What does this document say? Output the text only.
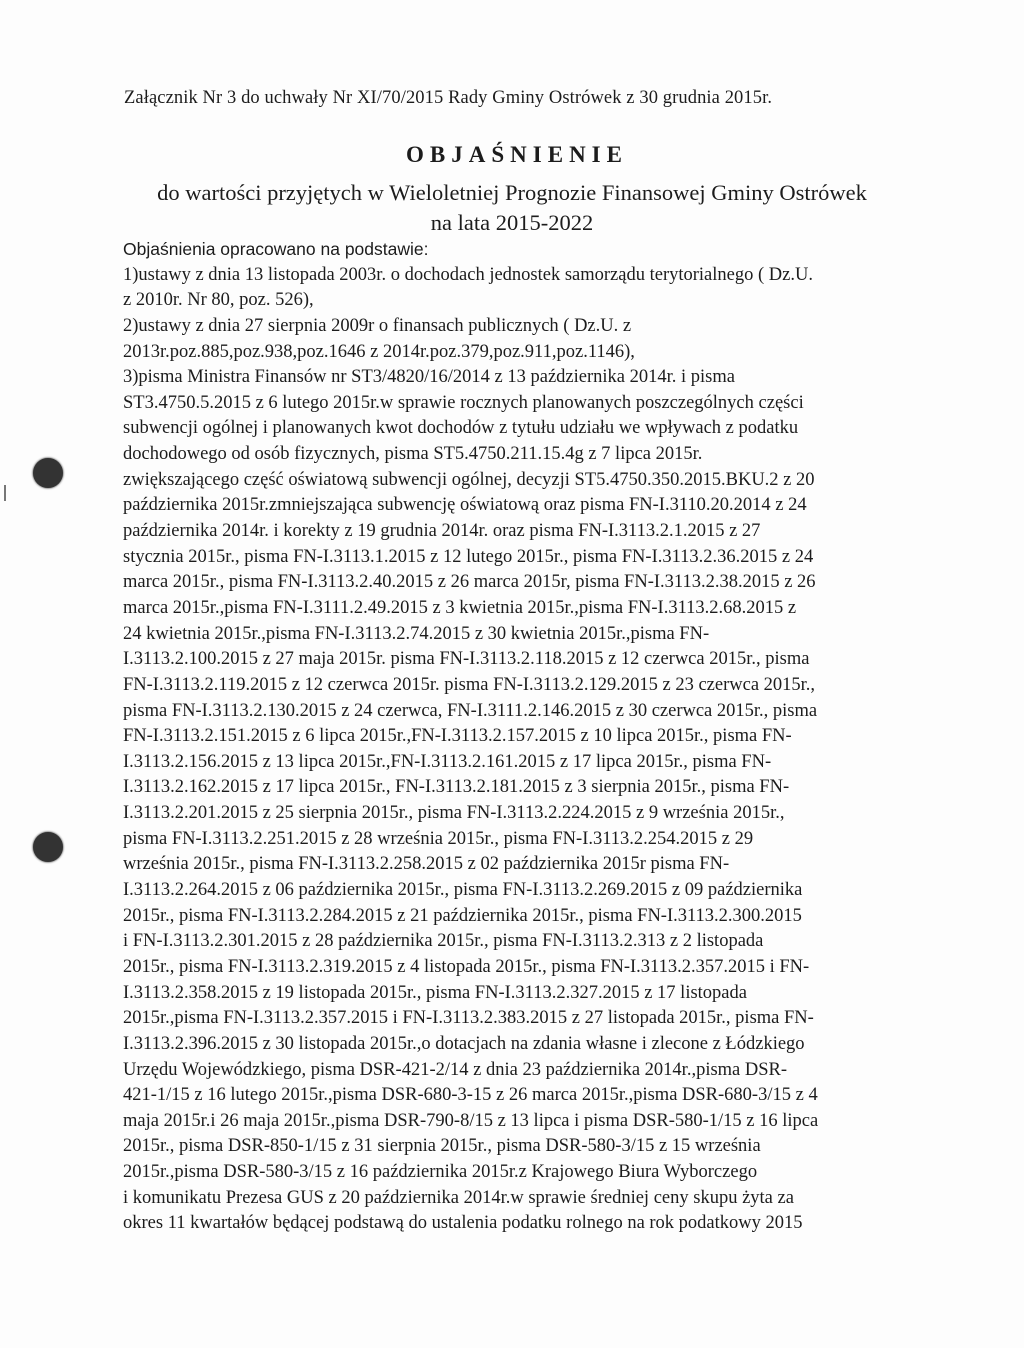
Załącznik Nr 3 do uchwały Nr XI/70/2015 Rady Gminy Ostrówek z 30 grudnia 2015r.
OBJAŚNIENIE
do wartości przyjętych w Wieloletniej Prognozie Finansowej Gminy Ostrówek
na lata 2015-2022
Objaśnienia opracowano na podstawie:
1)ustawy z dnia 13 listopada 2003r. o dochodach jednostek samorządu terytorialnego ( Dz.U.
z 2010r. Nr 80, poz. 526),
2)ustawy z dnia 27 sierpnia 2009r o finansach publicznych ( Dz.U. z
2013r.poz.885,poz.938,poz.1646 z 2014r.poz.379,poz.911,poz.1146),
3)pisma Ministra Finansów nr ST3/4820/16/2014 z 13 października 2014r. i pisma
ST3.4750.5.2015 z 6 lutego 2015r.w sprawie rocznych planowanych poszczególnych części
subwencji ogólnej i planowanych kwot dochodów z tytułu udziału we wpływach z podatku
dochodowego od osób fizycznych, pisma ST5.4750.211.15.4g z 7 lipca 2015r.
zwiększającego część oświatową subwencji ogólnej, decyzji ST5.4750.350.2015.BKU.2 z 20
października 2015r.zmniejszająca subwencję oświatową oraz pisma FN-I.3110.20.2014 z 24
października 2014r. i korekty z 19 grudnia 2014r. oraz pisma FN-I.3113.2.1.2015 z 27
stycznia 2015r., pisma FN-I.3113.1.2015 z 12 lutego 2015r., pisma FN-I.3113.2.36.2015 z 24
marca 2015r., pisma FN-I.3113.2.40.2015 z 26 marca 2015r, pisma FN-I.3113.2.38.2015 z 26
marca 2015r.,pisma FN-I.3111.2.49.2015 z 3 kwietnia 2015r.,pisma FN-I.3113.2.68.2015 z
24 kwietnia 2015r.,pisma FN-I.3113.2.74.2015 z 30 kwietnia 2015r.,pisma FN-
I.3113.2.100.2015 z 27 maja 2015r. pisma FN-I.3113.2.118.2015 z 12 czerwca 2015r., pisma
FN-I.3113.2.119.2015 z 12 czerwca 2015r. pisma FN-I.3113.2.129.2015 z 23 czerwca 2015r.,
pisma FN-I.3113.2.130.2015 z 24 czerwca, FN-I.3111.2.146.2015 z 30 czerwca 2015r., pisma
FN-I.3113.2.151.2015 z 6 lipca 2015r.,FN-I.3113.2.157.2015 z 10 lipca 2015r., pisma FN-
I.3113.2.156.2015 z 13 lipca 2015r.,FN-I.3113.2.161.2015 z 17 lipca 2015r., pisma FN-
I.3113.2.162.2015 z 17 lipca 2015r., FN-I.3113.2.181.2015 z 3 sierpnia 2015r., pisma FN-
I.3113.2.201.2015 z 25 sierpnia 2015r., pisma FN-I.3113.2.224.2015 z 9 września 2015r.,
pisma FN-I.3113.2.251.2015 z 28 września 2015r., pisma FN-I.3113.2.254.2015 z 29
września 2015r., pisma FN-I.3113.2.258.2015 z 02 października 2015r pisma FN-
I.3113.2.264.2015 z 06 października 2015r., pisma FN-I.3113.2.269.2015 z 09 października
2015r., pisma FN-I.3113.2.284.2015 z 21 października 2015r., pisma FN-I.3113.2.300.2015
i FN-I.3113.2.301.2015 z 28 października 2015r., pisma FN-I.3113.2.313 z 2 listopada
2015r., pisma FN-I.3113.2.319.2015 z 4 listopada 2015r., pisma FN-I.3113.2.357.2015 i FN-
I.3113.2.358.2015 z 19 listopada 2015r., pisma FN-I.3113.2.327.2015 z 17 listopada
2015r.,pisma FN-I.3113.2.357.2015 i FN-I.3113.2.383.2015 z 27 listopada 2015r., pisma FN-
I.3113.2.396.2015 z 30 listopada 2015r.,o dotacjach na zdania własne i zlecone z Łódzkiego
Urzędu Wojewódzkiego, pisma DSR-421-2/14 z dnia 23 października 2014r.,pisma DSR-
421-1/15 z 16 lutego 2015r.,pisma DSR-680-3-15 z 26 marca 2015r.,pisma DSR-680-3/15 z 4
maja 2015r.i 26 maja 2015r.,pisma DSR-790-8/15 z 13 lipca i pisma DSR-580-1/15 z 16 lipca
2015r., pisma DSR-850-1/15 z 31 sierpnia 2015r., pisma DSR-580-3/15 z 15 września
2015r.,pisma DSR-580-3/15 z 16 października 2015r.z Krajowego Biura Wyborczego
i komunikatu Prezesa GUS z 20 października 2014r.w sprawie średniej ceny skupu żyta za
okres 11 kwartałów będącej podstawą do ustalenia podatku rolnego na rok podatkowy 2015
